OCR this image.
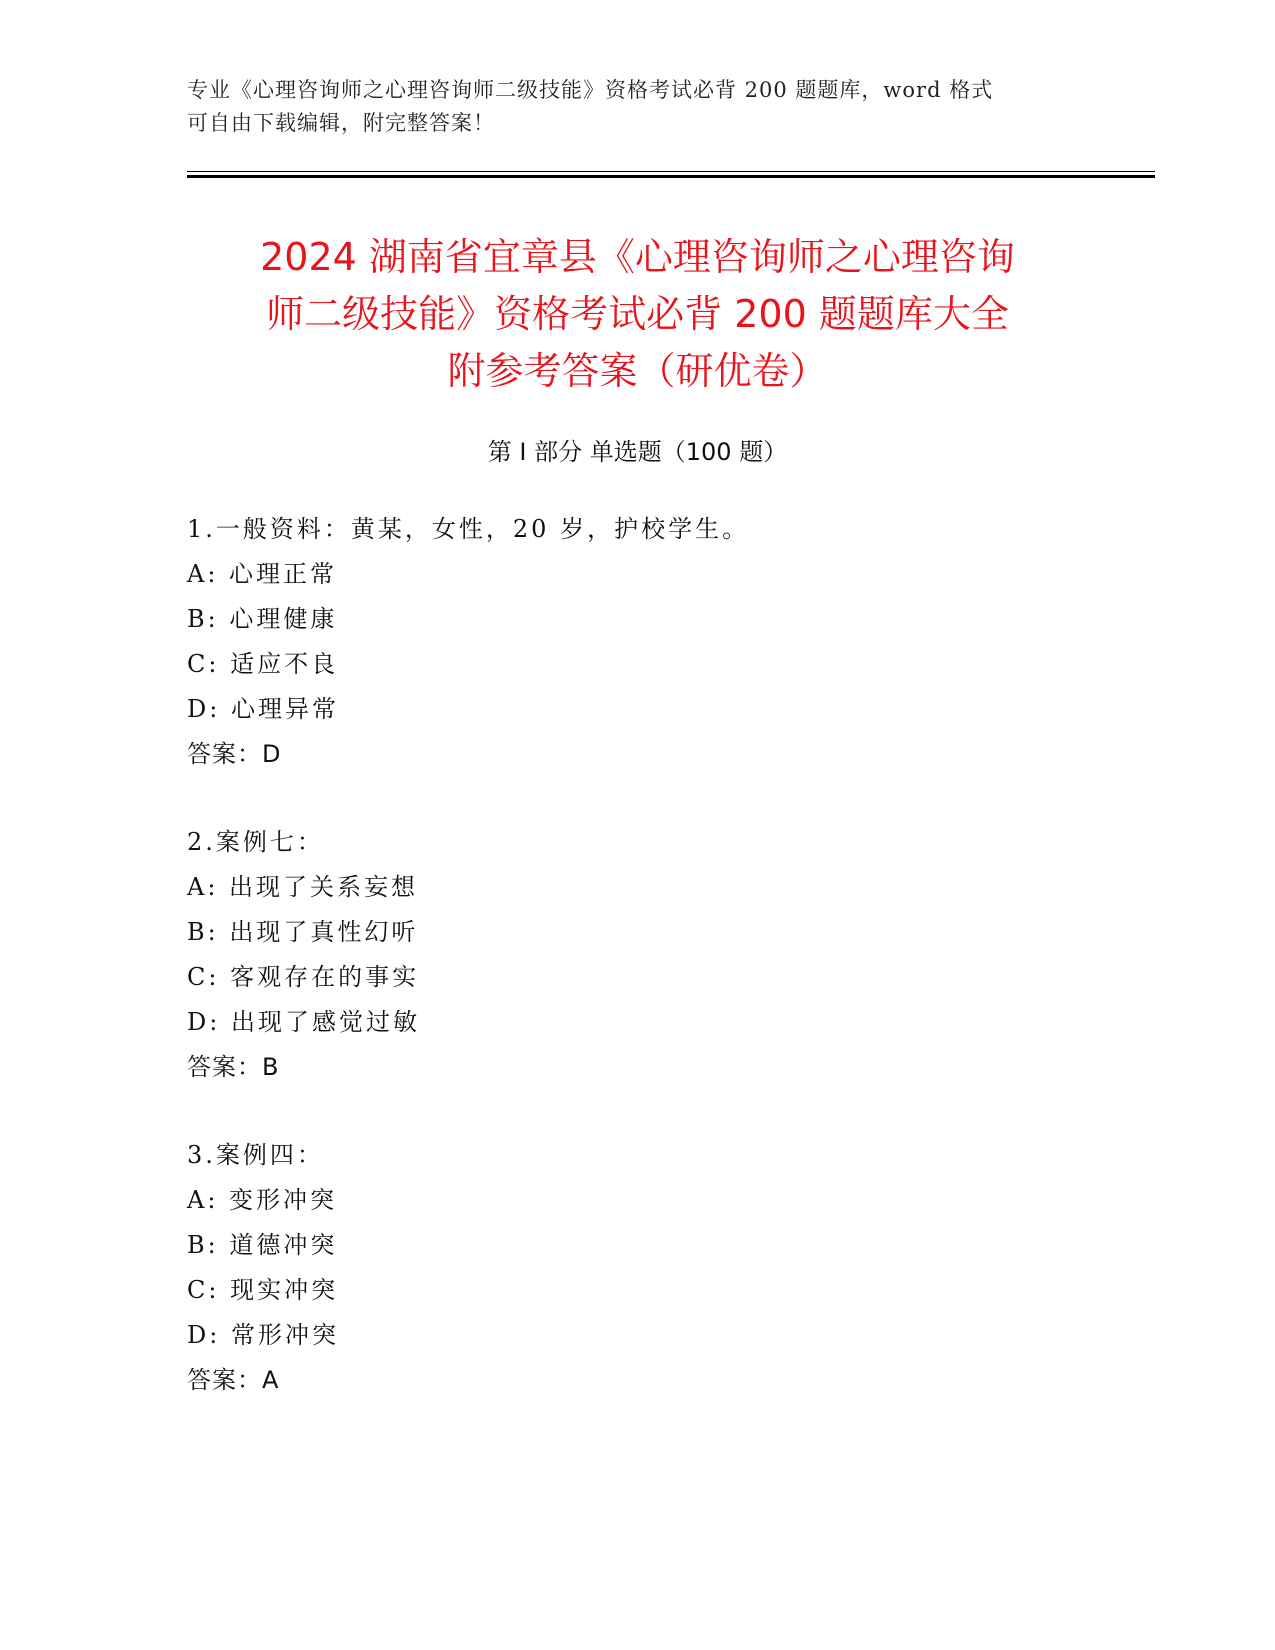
专业《心理咨询师之心理咨询师二级技能》资格考试必背 200 题题库，word 格式
可自由下载编辑，附完整答案！
2024 湖南省宜章县《心理咨询师之心理咨询
师二级技能》资格考试必背 200 题题库大全
附参考答案（研优卷）
第 I 部分 单选题（100 题）
1.一般资料：黄某，女性，20 岁，护校学生。
A: 心理正常
B: 心理健康
C: 适应不良
D: 心理异常
答案：D
2.案例七：
A: 出现了关系妄想
B: 出现了真性幻听
C: 客观存在的事实
D: 出现了感觉过敏
答案：B
3.案例四：
A: 变形冲突
B: 道德冲突
C: 现实冲突
D: 常形冲突
答案：A
